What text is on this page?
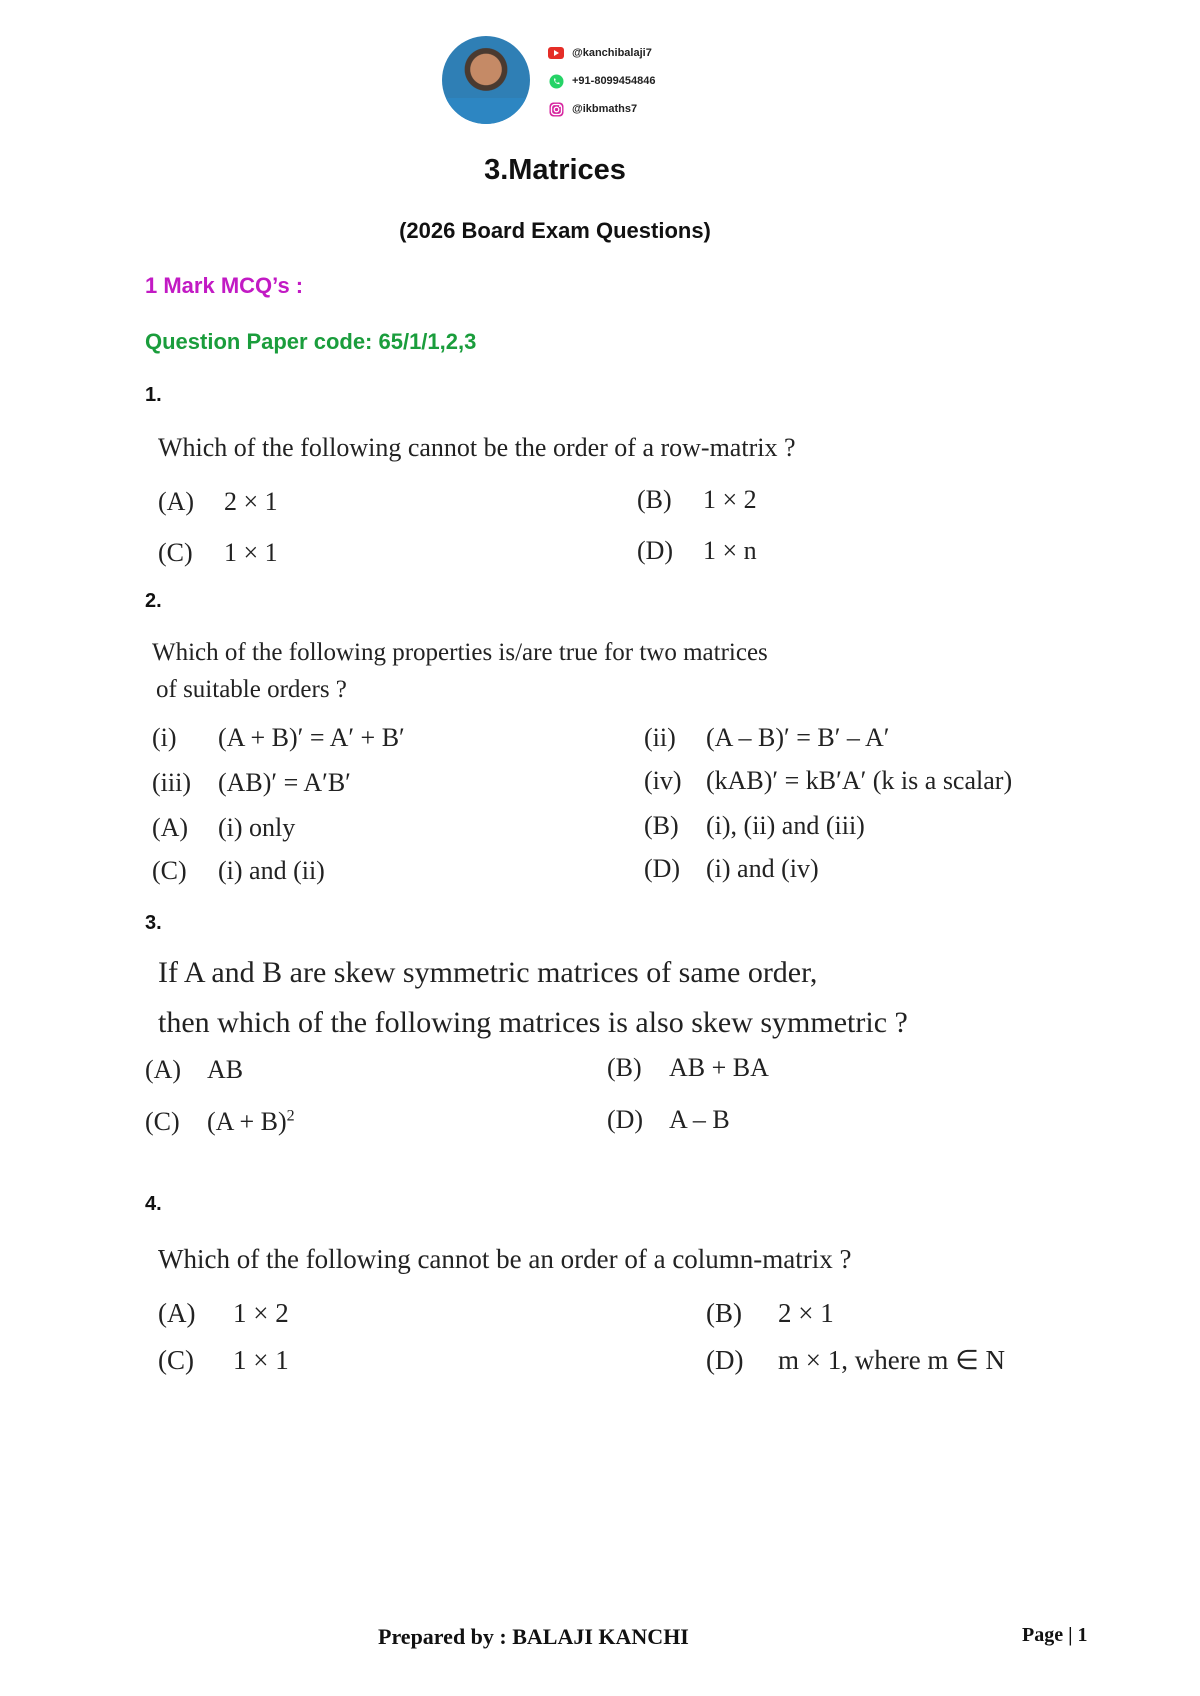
@kanchibalaji7
+91-8099454846
@ikbmaths7
3.Matrices
(2026 Board Exam Questions)
1 Mark MCQ’s :
Question Paper code: 65/1/1,2,3
1.
Which of the following cannot be the order of a row-matrix ?
(A) 2 × 1	(B) 1 × 2
(C) 1 × 1	(D) 1 × n
2.
Which of the following properties is/are true for two matrices
of suitable orders ?
(i) (A + B)′ = A′ + B′	(ii) (A – B)′ = B′ – A′
(iii) (AB)′ = A′B′	(iv) (kAB)′ = kB′A′ (k is a scalar)
(A) (i) only	(B) (i), (ii) and (iii)
(C) (i) and (ii)	(D) (i) and (iv)
3.
If A and B are skew symmetric matrices of same order,
then which of the following matrices is also skew symmetric ?
(A) AB	(B) AB + BA
(C) $(A + B)^2$	(D) A – B
4.
Which of the following cannot be an order of a column-matrix ?
(A) 1 × 2	(B) 2 × 1
(C) 1 × 1	(D) m × 1, where m ∈ N
Prepared by : BALAJI KANCHI	Page | 1
